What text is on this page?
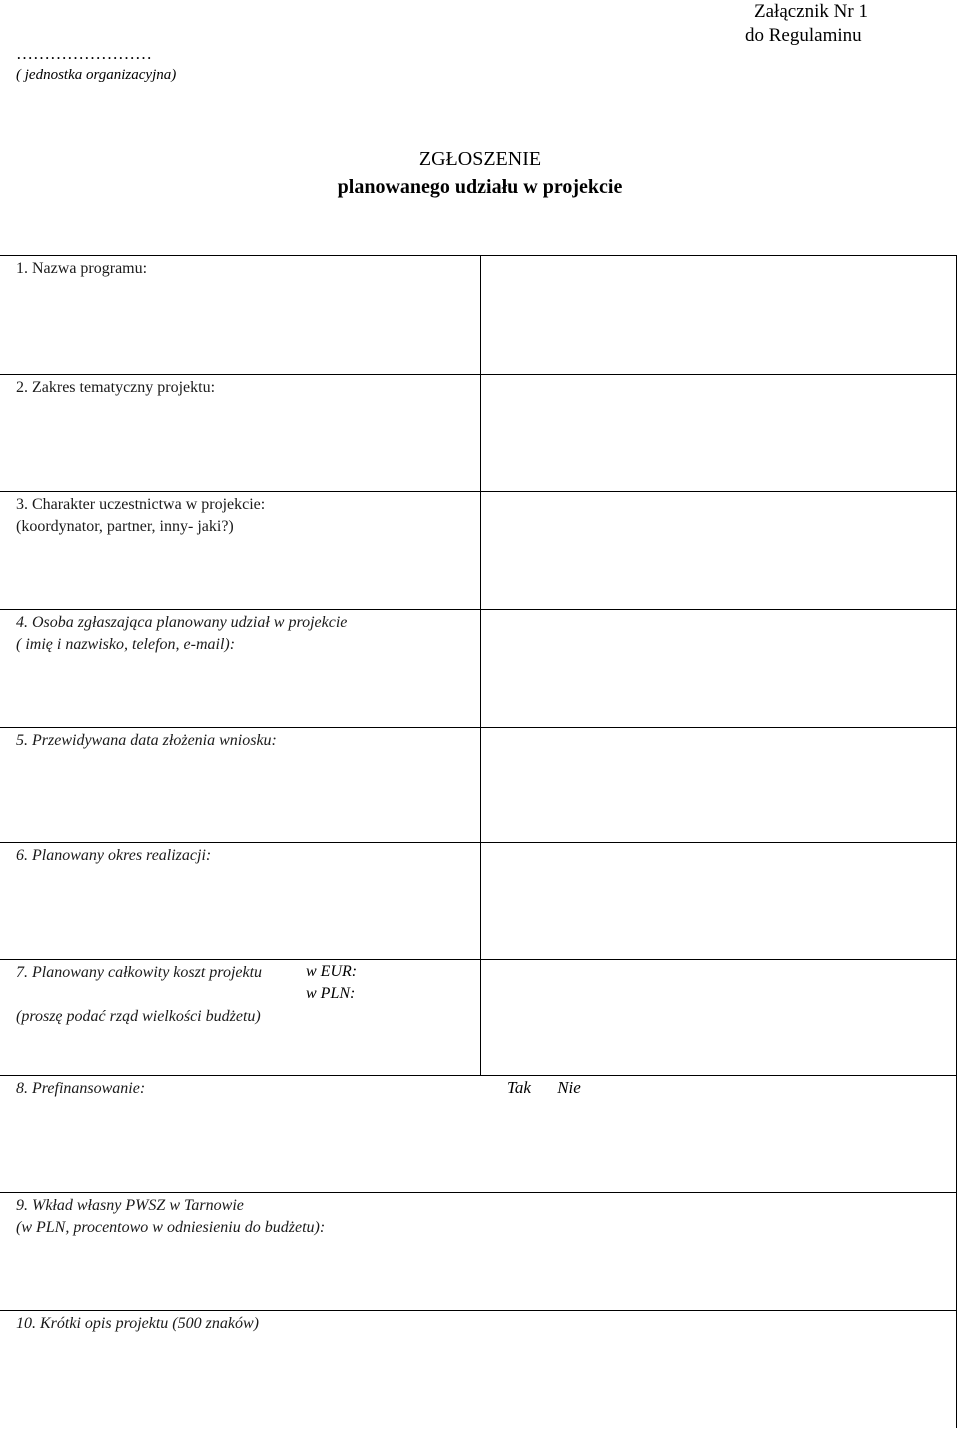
Załącznik Nr 1
do Regulaminu
……………………
( jednostka organizacyjna)
ZGŁOSZENIE
planowanego udziału w projekcie
1. Nazwa programu:
2. Zakres tematyczny projektu:
3. Charakter uczestnictwa w projekcie:
(koordynator, partner, inny- jaki?)
4. Osoba zgłaszająca planowany udział w projekcie
( imię i nazwisko, telefon, e-mail):
5. Przewidywana data złożenia wniosku:
6. Planowany okres realizacji:
7. Planowany całkowity koszt projektu

(proszę podać rząd wielkości budżetu)
w EUR:
w PLN:
8. Prefinansowanie:	Tak Nie
9. Wkład własny PWSZ w Tarnowie
(w PLN, procentowo w odniesieniu do budżetu):
10. Krótki opis projektu (500 znaków)
